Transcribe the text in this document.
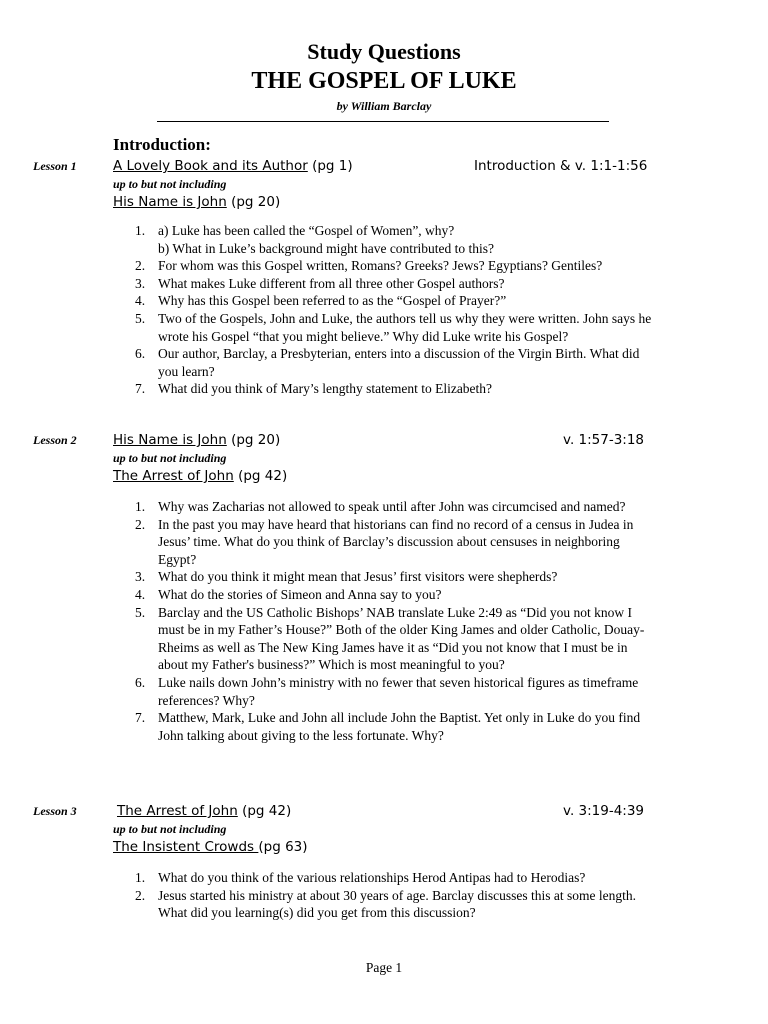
Study Questions
THE GOSPEL OF LUKE
by William Barclay
Introduction:
Lesson 1	A Lovely Book and its Author (pg 1)	Introduction & v. 1:1-1:56
up to but not including
His Name is John (pg 20)
1. a) Luke has been called the “Gospel of Women”, why?
b) What in Luke’s background might have contributed to this?
2. For whom was this Gospel written, Romans? Greeks? Jews? Egyptians? Gentiles?
3. What makes Luke different from all three other Gospel authors?
4. Why has this Gospel been referred to as the “Gospel of Prayer?”
5. Two of the Gospels, John and Luke, the authors tell us why they were written. John says he wrote his Gospel “that you might believe.” Why did Luke write his Gospel?
6. Our author, Barclay, a Presbyterian, enters into a discussion of the Virgin Birth. What did you learn?
7. What did you think of Mary’s lengthy statement to Elizabeth?
Lesson 2	His Name is John (pg 20)	v. 1:57-3:18
up to but not including
The Arrest of John (pg 42)
1. Why was Zacharias not allowed to speak until after John was circumcised and named?
2. In the past you may have heard that historians can find no record of a census in Judea in Jesus’ time. What do you think of Barclay’s discussion about censuses in neighboring Egypt?
3. What do you think it might mean that Jesus’ first visitors were shepherds?
4. What do the stories of Simeon and Anna say to you?
5. Barclay and the US Catholic Bishops’ NAB translate Luke 2:49 as “Did you not know I must be in my Father’s House?” Both of the older King James and older Catholic, Douay-Rheims as well as The New King James have it as “Did you not know that I must be in about my Father's business?” Which is most meaningful to you?
6. Luke nails down John’s ministry with no fewer that seven historical figures as timeframe references? Why?
7. Matthew, Mark, Luke and John all include John the Baptist. Yet only in Luke do you find John talking about giving to the less fortunate. Why?
Lesson 3	The Arrest of John (pg 42)	v. 3:19-4:39
up to but not including
The Insistent Crowds (pg 63)
1. What do you think of the various relationships Herod Antipas had to Herodias?
2. Jesus started his ministry at about 30 years of age. Barclay discusses this at some length. What did you learning(s) did you get from this discussion?
Page 1
